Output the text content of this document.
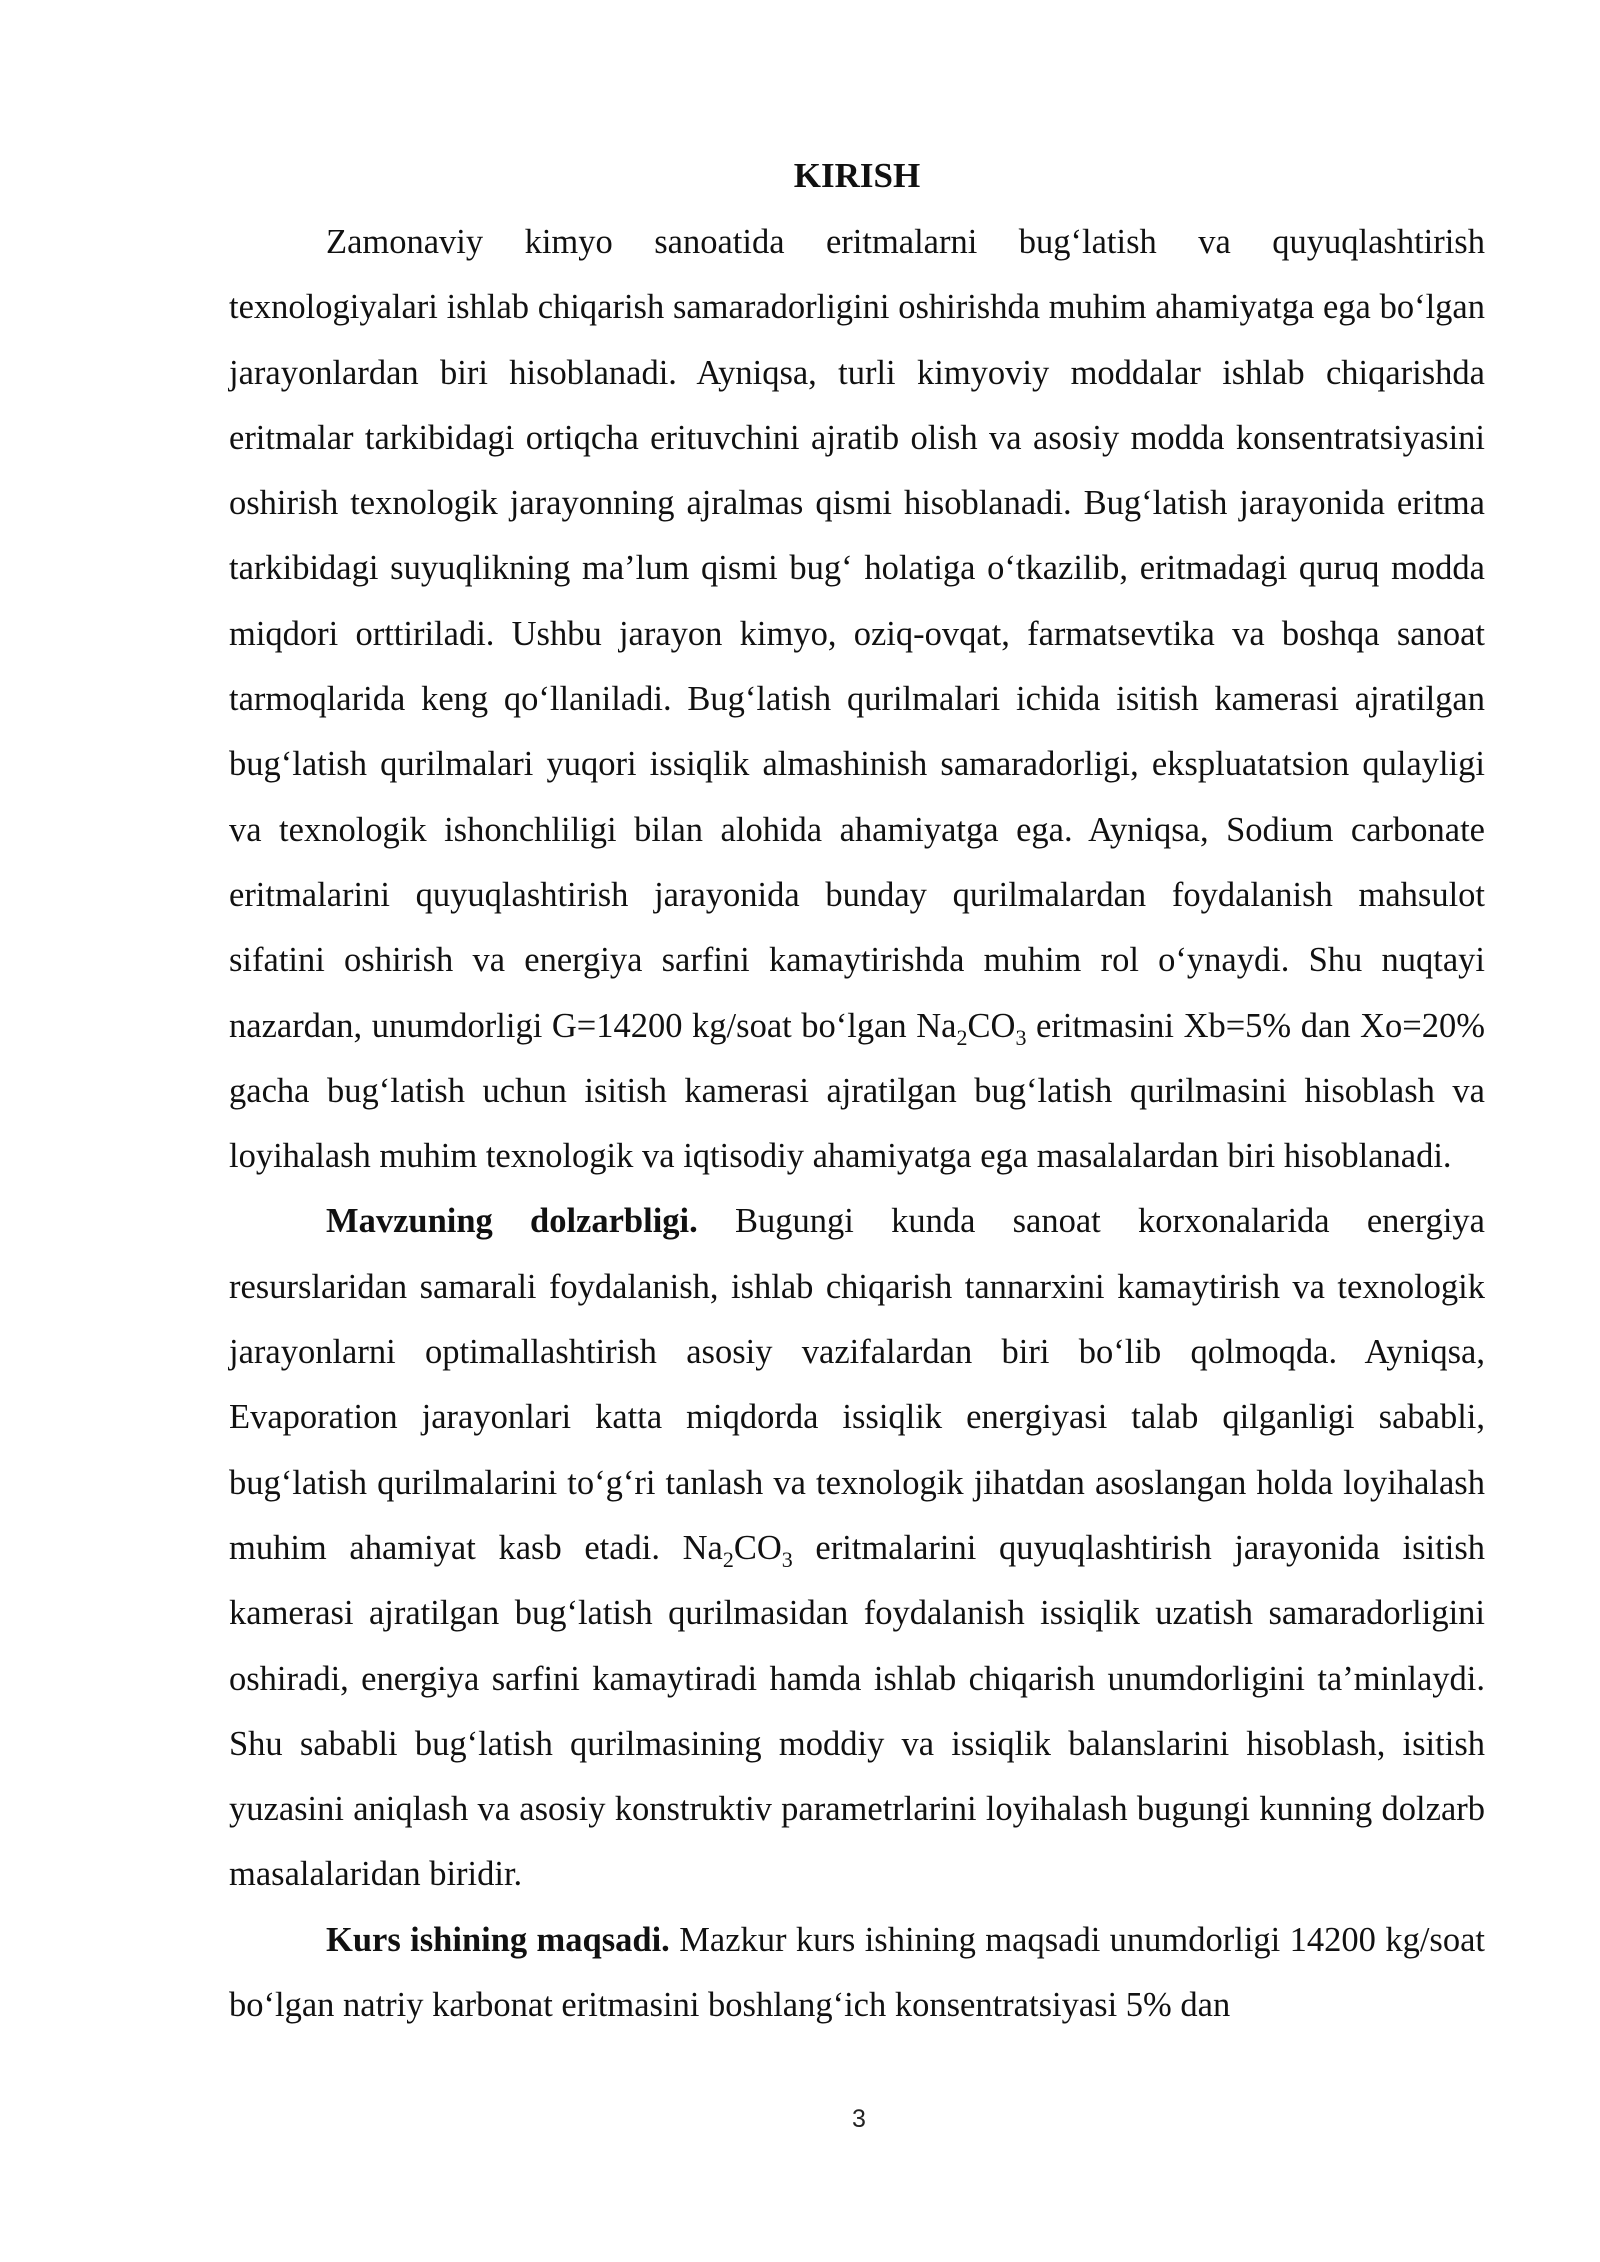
KIRISH

Zamonaviy kimyo sanoatida eritmalarni bug‘latish va quyuqlashtirish texnologiyalari ishlab chiqarish samaradorligini oshirishda muhim ahamiyatga ega bo‘lgan jarayonlardan biri hisoblanadi. Ayniqsa, turli kimyoviy moddalar ishlab chiqarishda eritmalar tarkibidagi ortiqcha erituvchini ajratib olish va asosiy modda konsentratsiyasini oshirish texnologik jarayonning ajralmas qismi hisoblanadi. Bug‘latish jarayonida eritma tarkibidagi suyuqlikning ma’lum qismi bug‘ holatiga o‘tkazilib, eritmadagi quruq modda miqdori orttiriladi. Ushbu jarayon kimyo, oziq-ovqat, farmatsevtika va boshqa sanoat tarmoqlarida keng qo‘llaniladi. Bug‘latish qurilmalari ichida isitish kamerasi ajratilgan bug‘latish qurilmalari yuqori issiqlik almashinish samaradorligi, ekspluatatsion qulayligi va texnologik ishonchliligi bilan alohida ahamiyatga ega. Ayniqsa, Sodium carbonate eritmalarini quyuqlashtirish jarayonida bunday qurilmalardan foydalanish mahsulot sifatini oshirish va energiya sarfini kamaytirishda muhim rol o‘ynaydi. Shu nuqtayi nazardan, unumdorligi G=14200 kg/soat bo‘lgan $Na_2CO_3$ eritmasini Xb=5% dan Xo=20% gacha bug‘latish uchun isitish kamerasi ajratilgan bug‘latish qurilmasini hisoblash va loyihalash muhim texnologik va iqtisodiy ahamiyatga ega masalalardan biri hisoblanadi.

Mavzuning dolzarbligi. Bugungi kunda sanoat korxonalarida energiya resurslaridan samarali foydalanish, ishlab chiqarish tannarxini kamaytirish va texnologik jarayonlarni optimallashtirish asosiy vazifalardan biri bo‘lib qolmoqda. Ayniqsa, Evaporation jarayonlari katta miqdorda issiqlik energiyasi talab qilganligi sababli, bug‘latish qurilmalarini to‘g‘ri tanlash va texnologik jihatdan asoslangan holda loyihalash muhim ahamiyat kasb etadi. $Na_2CO_3$ eritmalarini quyuqlashtirish jarayonida isitish kamerasi ajratilgan bug‘latish qurilmasidan foydalanish issiqlik uzatish samaradorligini oshiradi, energiya sarfini kamaytiradi hamda ishlab chiqarish unumdorligini ta’minlaydi. Shu sababli bug‘latish qurilmasining moddiy va issiqlik balanslarini hisoblash, isitish yuzasini aniqlash va asosiy konstruktiv parametrlarini loyihalash bugungi kunning dolzarb masalalaridan biridir.

Kurs ishining maqsadi. Mazkur kurs ishining maqsadi unumdorligi 14200 kg/soat bo‘lgan natriy karbonat eritmasini boshlang‘ich konsentratsiyasi 5% dan

3
